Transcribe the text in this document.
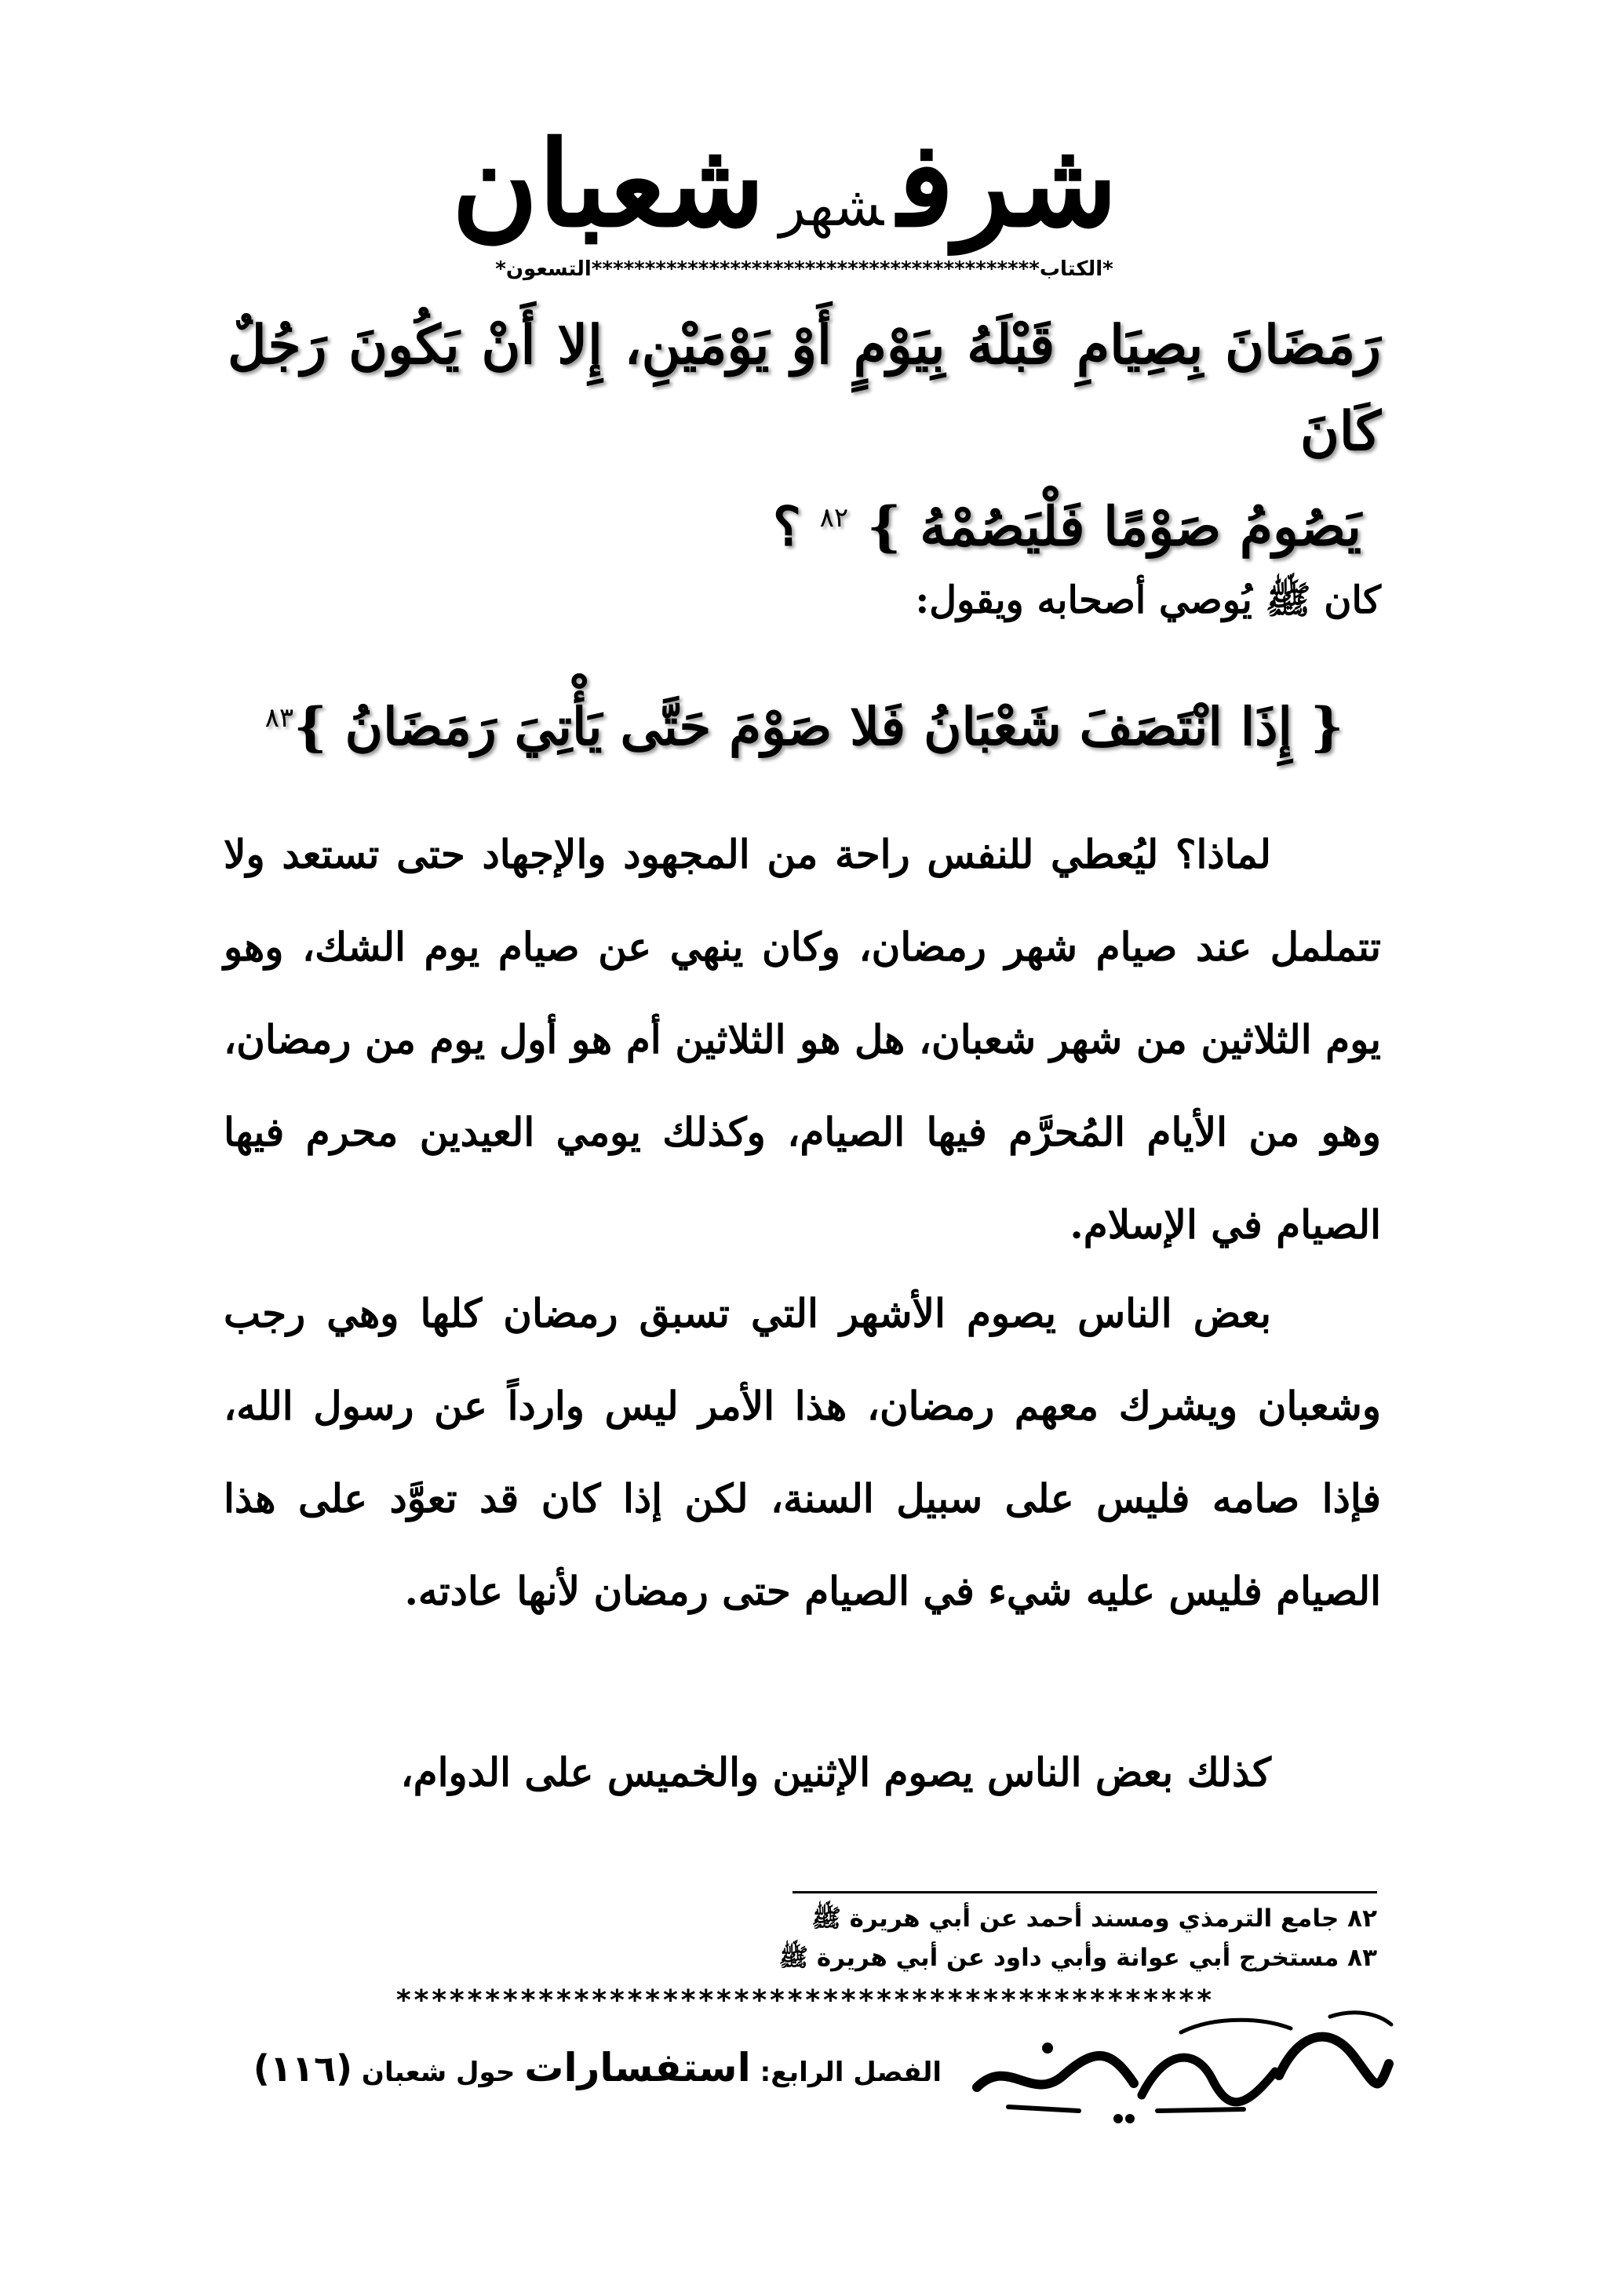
شرفشهرشعبان
*الكتاب******************************************التسعون*
رَمَضَانَ بِصِيَامِ قَبْلَهُ بِيَوْمٍ أَوْ يَوْمَيْنِ، إِلا أَنْ يَكُونَ رَجُلٌ كَانَ
يَصُومُ صَوْمًا فَلْيَصُمْهُ } $^{٨٢}$ ؟
كان ﷺ يُوصي أصحابه ويقول:
{ إِذَا انْتَصَفَ شَعْبَانُ فَلا صَوْمَ حَتَّى يَأْتِيَ رَمَضَانُ }$^{٨٣}$
لماذا؟ ليُعطي للنفس راحة من المجهود والإجهاد حتى تستعد ولا تتململ عند صيام شهر رمضان، وكان ينهي عن صيام يوم الشك، وهو يوم الثلاثين من شهر شعبان، هل هو الثلاثين أم هو أول يوم من رمضان، وهو من الأيام المُحرَّم فيها الصيام، وكذلك يومي العيدين محرم فيها الصيام في الإسلام.
بعض الناس يصوم الأشهر التي تسبق رمضان كلها وهي رجب وشعبان ويشرك معهم رمضان، هذا الأمر ليس وارداً عن رسول الله، فإذا صامه فليس على سبيل السنة، لكن إذا كان قد تعوَّد على هذا الصيام فليس عليه شيء في الصيام حتى رمضان لأنها عادته.
كذلك بعض الناس يصوم الإثنين والخميس على الدوام،
٨٢ جامع الترمذي ومسند أحمد عن أبي هريرة ﷺ
٨٣ مستخرج أبي عوانة وأبي داود عن أبي هريرة ﷺ
**********************************************
الفصل الرابع: استفسارات حول شعبان (١١٦)
